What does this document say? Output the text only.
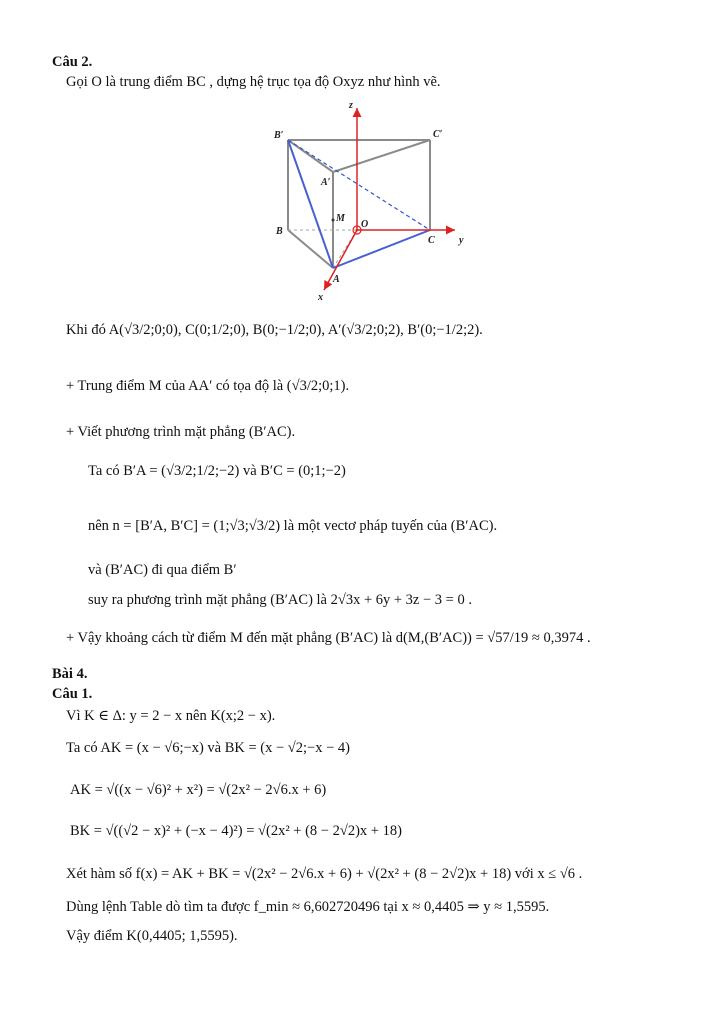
Câu 2.
Gọi O là trung điểm BC , dựng hệ trục tọa độ Oxyz như hình vẽ.
B′	C′
A′
M
O
B
C
A
x
y
z
Khi đó A(√3/2;0;0), C(0;1/2;0), B(0;−1/2;0), A′(√3/2;0;2), B′(0;−1/2;2).
+ Trung điểm M của AA′ có tọa độ là (√3/2;0;1).
+ Viết phương trình mặt phẳng (B′AC).
Ta có B′A = (√3/2;1/2;−2) và B′C = (0;1;−2)
nên n = [B′A, B′C] = (1;√3;√3/2) là một vectơ pháp tuyến của (B′AC).
và (B′AC) đi qua điểm B′
suy ra phương trình mặt phẳng (B′AC) là 2√3x + 6y + 3z − 3 = 0 .
+ Vậy khoảng cách từ điểm M đến mặt phẳng (B′AC) là d(M,(B′AC)) = √57/19 ≈ 0,3974 .
Bài 4.
Câu 1.
Vì K ∈ Δ: y = 2 − x nên K(x;2 − x).
Ta có AK = (x − √6;−x) và BK = (x − √2;−x − 4)
AK = √((x − √6)² + x²) = √(2x² − 2√6.x + 6)
BK = √((√2 − x)² + (−x − 4)²) = √(2x² + (8 − 2√2)x + 18)
Xét hàm số f(x) = AK + BK = √(2x² − 2√6.x + 6) + √(2x² + (8 − 2√2)x + 18) với x ≤ √6 .
Dùng lệnh Table dò tìm ta được f_min ≈ 6,602720496 tại x ≈ 0,4405 ⇒ y ≈ 1,5595.
Vậy điểm K(0,4405; 1,5595).
